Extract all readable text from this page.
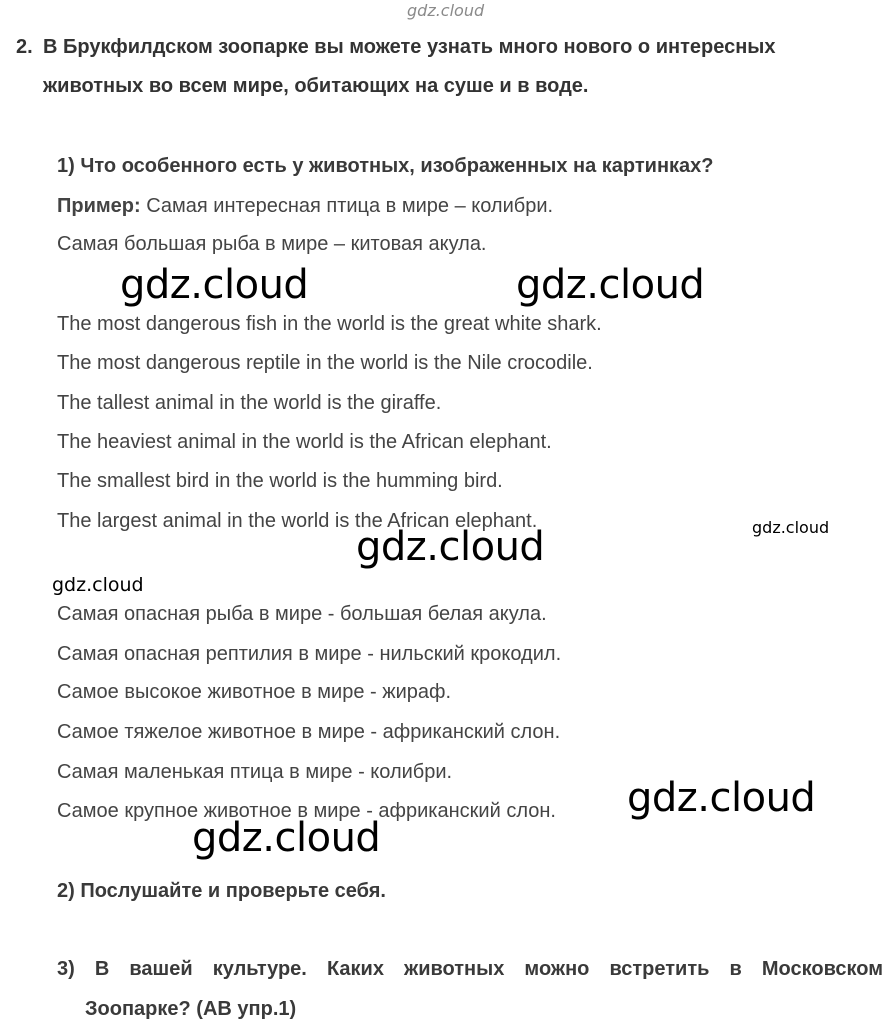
gdz.cloud
2. В Брукфилдском зоопарке вы можете узнать много нового о интересных
животных во всем мире, обитающих на суше и в воде.
1) Что особенного есть у животных, изображенных на картинках?
Пример: Самая интересная птица в мире – колибри.
Самая большая рыба в мире – китовая акула.
The most dangerous fish in the world is the great white shark.
The most dangerous reptile in the world is the Nile crocodile.
The tallest animal in the world is the giraffe.
The heaviest animal in the world is the African elephant.
The smallest bird in the world is the humming bird.
The largest animal in the world is the African elephant.
Самая опасная рыба в мире - большая белая акула.
Самая опасная рептилия в мире - нильский крокодил.
Самое высокое животное в мире - жираф.
Самое тяжелое животное в мире - африканский слон.
Самая маленькая птица в мире - колибри.
Самое крупное животное в мире - африканский слон.
2) Послушайте и проверьте себя.
3) В вашей культуре. Каких животных можно встретить в Московском
Зоопарке? (АВ упр.1)
gdz.cloud	gdz.cloud
gdz.cloud	gdz.cloud
gdz.cloud
gdz.cloud
gdz.cloud
